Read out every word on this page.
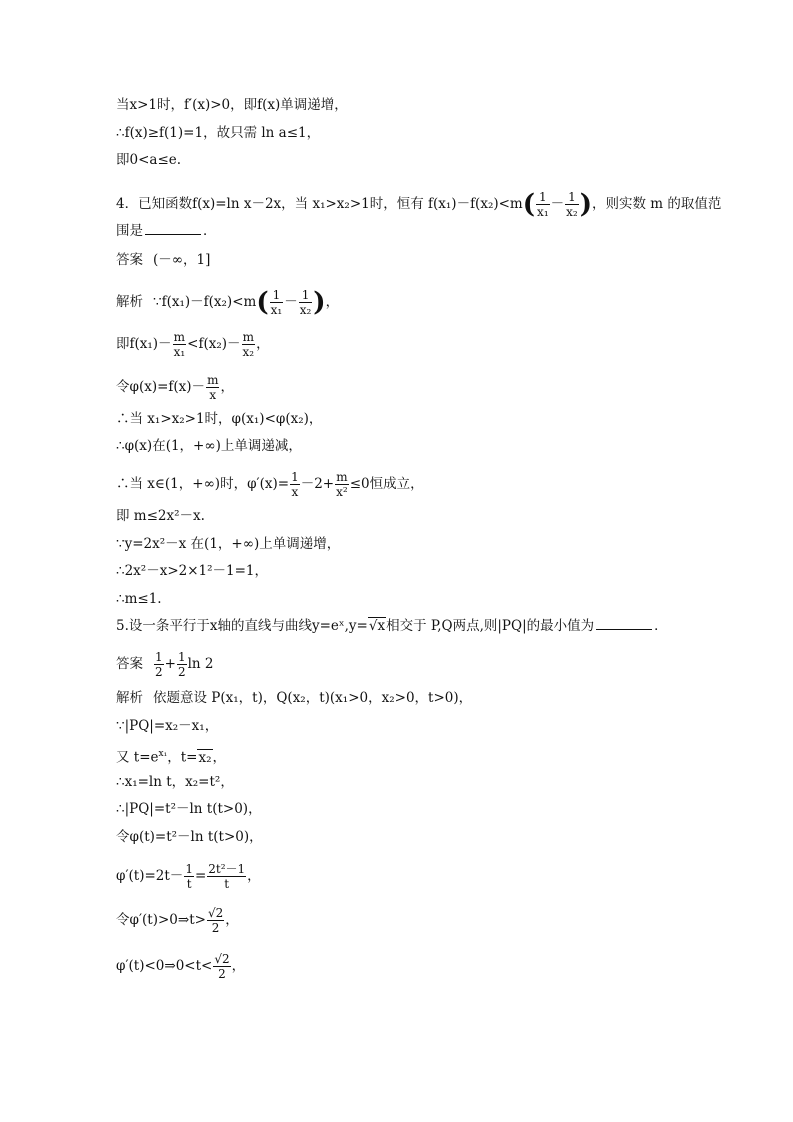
当x>1时，f′(x)>0，即f(x)单调递增，
∴f(x)≥f(1)=1，故只需 ln a≤1，
即0<a≤e.
4．已知函数f(x)=ln x－2x，当 x₁>x₂>1时，恒有 $f(x_1)-f(x_2)<m( \frac{1}{\text{x₁}} - \frac{1}{\text{x₂}}$ )，则实数 m 的取值范
围是	．
答案 (－∞，1]
解析 ∵f(x₁)－f(x₂)<m( $\frac{1}{\text{x₁}} - \frac{1}{\text{x₂}}$ )，
即$f(x_1)- \frac{m}{\text{x₁}} <f(x_2)- \frac{m}{\text{x₂}}$ ，
令$\varphi(x)=f(x)- \frac{m}{x}$ ，
∴当 x₁>x₂>1时，φ(x₁)<φ(x₂)，
∴φ(x)在(1，+∞)上单调递减，
∴当 x∈(1，+∞)时，$\varphi'(x)= \frac{1}{x} -2+ \frac{m}{\text{x²}} \le 0$恒成立，
即 m≤2x²－x.
∵y=2x²－x 在(1，+∞)上单调递增，
∴2x²－x>2×1²－1=1，
∴m≤1.
5.设一条平行于x轴的直线与曲线y=eˣ,y=√x相交于 P,Q两点,则|PQ|的最小值为	．
答案 $\frac{1}{2} + \frac{1}{2}$ ln 2
解析 依题意设 P(x₁，t)，Q(x₂，t)(x₁>0，x₂>0，t>0)，
∵|PQ|=x₂－x₁，
又 $t=e^{x_1}$，t=x₂，
∴x₁=ln t，x₂=t²，
∴|PQ|=t²－ln t(t>0)，
令φ(t)=t²－ln t(t>0)，
$\varphi'(t)=2t- \frac{1}{t} = \frac{\text{2t²－1}}{t}$ ，
令φ′(t)>0⇒t> $\frac{√2}{2}$ ，
φ′(t)<0⇒0<t< $\frac{√2}{2}$ ，
